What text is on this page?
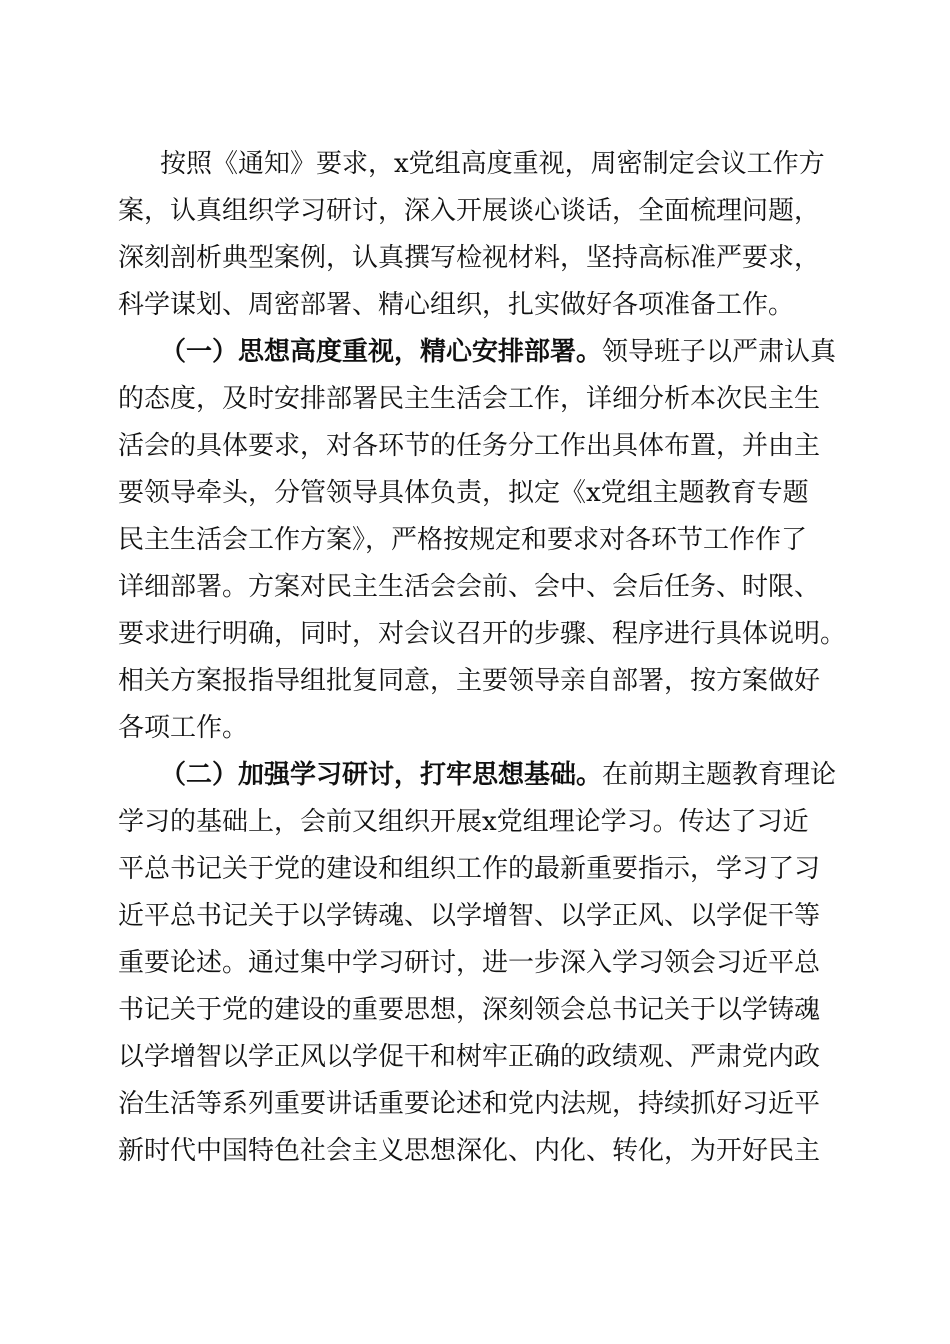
按照《通知》要求，x党组高度重视，周密制定会议工作方
案，认真组织学习研讨，深入开展谈心谈话，全面梳理问题，
深刻剖析典型案例，认真撰写检视材料，坚持高标准严要求，
科学谋划、周密部署、精心组织，扎实做好各项准备工作。
（一）思想高度重视，精心安排部署。领导班子以严肃认真
的态度，及时安排部署民主生活会工作，详细分析本次民主生
活会的具体要求，对各环节的任务分工作出具体布置，并由主
要领导牵头，分管领导具体负责，拟定《x党组主题教育专题
民主生活会工作方案》，严格按规定和要求对各环节工作作了
详细部署。方案对民主生活会会前、会中、会后任务、时限、
要求进行明确，同时，对会议召开的步骤、程序进行具体说明。
相关方案报指导组批复同意，主要领导亲自部署，按方案做好
各项工作。
（二）加强学习研讨，打牢思想基础。在前期主题教育理论
学习的基础上，会前又组织开展x党组理论学习。传达了习近
平总书记关于党的建设和组织工作的最新重要指示，学习了习
近平总书记关于以学铸魂、以学增智、以学正风、以学促干等
重要论述。通过集中学习研讨，进一步深入学习领会习近平总
书记关于党的建设的重要思想，深刻领会总书记关于以学铸魂
以学增智以学正风以学促干和树牢正确的政绩观、严肃党内政
治生活等系列重要讲话重要论述和党内法规，持续抓好习近平
新时代中国特色社会主义思想深化、内化、转化，为开好民主
